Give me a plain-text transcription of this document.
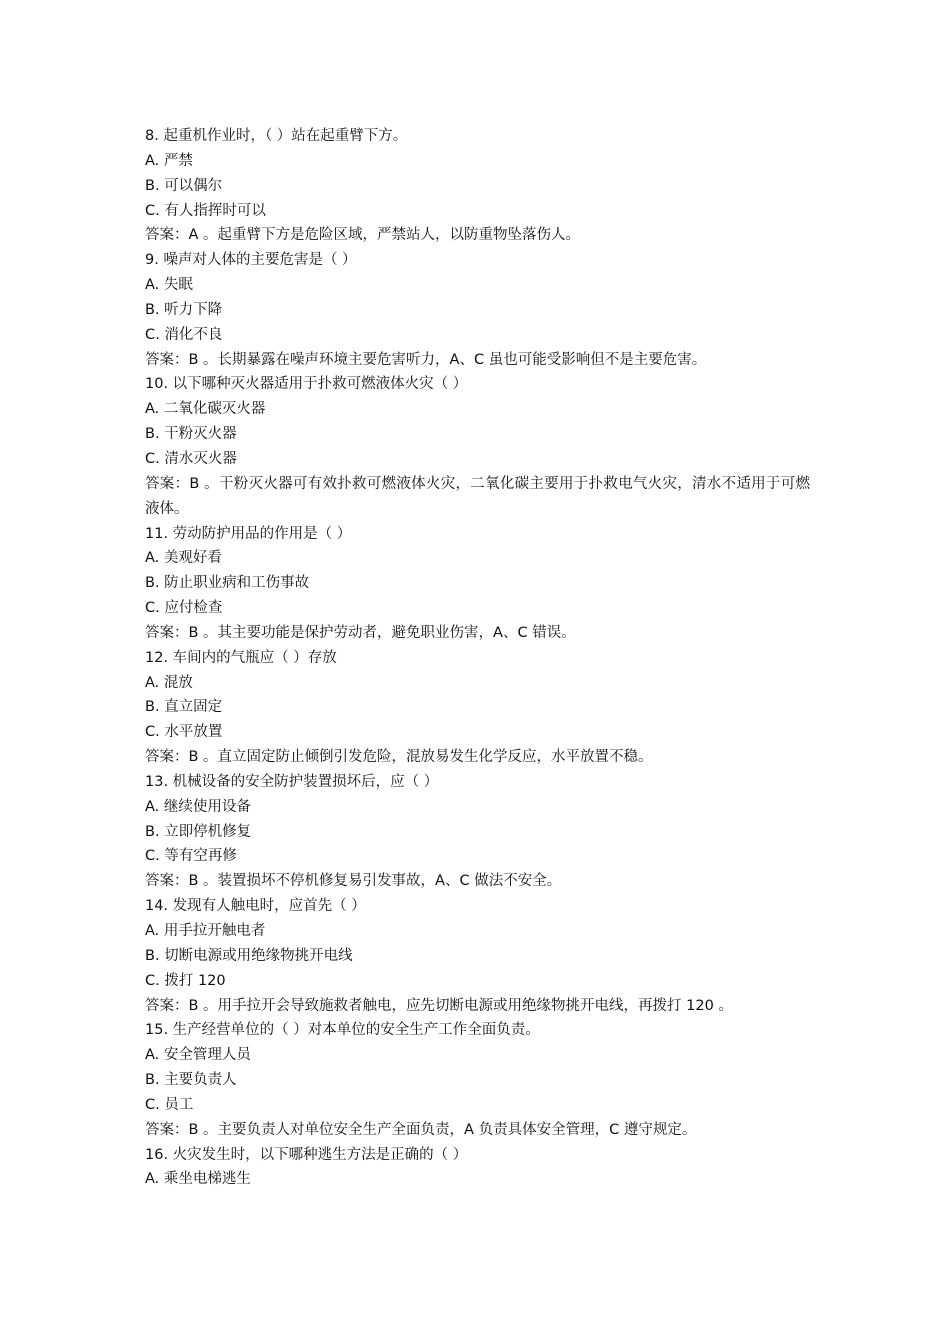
8. 起重机作业时，（ ）站在起重臂下方。
A. 严禁
B. 可以偶尔
C. 有人指挥时可以
答案：A 。起重臂下方是危险区域，严禁站人，以防重物坠落伤人。
9. 噪声对人体的主要危害是（ ）
A. 失眠
B. 听力下降
C. 消化不良
答案：B 。长期暴露在噪声环境主要危害听力，A、C 虽也可能受影响但不是主要危害。
10. 以下哪种灭火器适用于扑救可燃液体火灾（ ）
A. 二氧化碳灭火器
B. 干粉灭火器
C. 清水灭火器
答案：B 。干粉灭火器可有效扑救可燃液体火灾，二氧化碳主要用于扑救电气火灾，清水不适用于可燃液体。
11. 劳动防护用品的作用是（ ）
A. 美观好看
B. 防止职业病和工伤事故
C. 应付检查
答案：B 。其主要功能是保护劳动者，避免职业伤害，A、C 错误。
12. 车间内的气瓶应（ ）存放
A. 混放
B. 直立固定
C. 水平放置
答案：B 。直立固定防止倾倒引发危险，混放易发生化学反应，水平放置不稳。
13. 机械设备的安全防护装置损坏后，应（ ）
A. 继续使用设备
B. 立即停机修复
C. 等有空再修
答案：B 。装置损坏不停机修复易引发事故，A、C 做法不安全。
14. 发现有人触电时，应首先（ ）
A. 用手拉开触电者
B. 切断电源或用绝缘物挑开电线
C. 拨打 120
答案：B 。用手拉开会导致施救者触电，应先切断电源或用绝缘物挑开电线，再拨打 120 。
15. 生产经营单位的（ ）对本单位的安全生产工作全面负责。
A. 安全管理人员
B. 主要负责人
C. 员工
答案：B 。主要负责人对单位安全生产全面负责，A 负责具体安全管理，C 遵守规定。
16. 火灾发生时，以下哪种逃生方法是正确的（ ）
A. 乘坐电梯逃生
